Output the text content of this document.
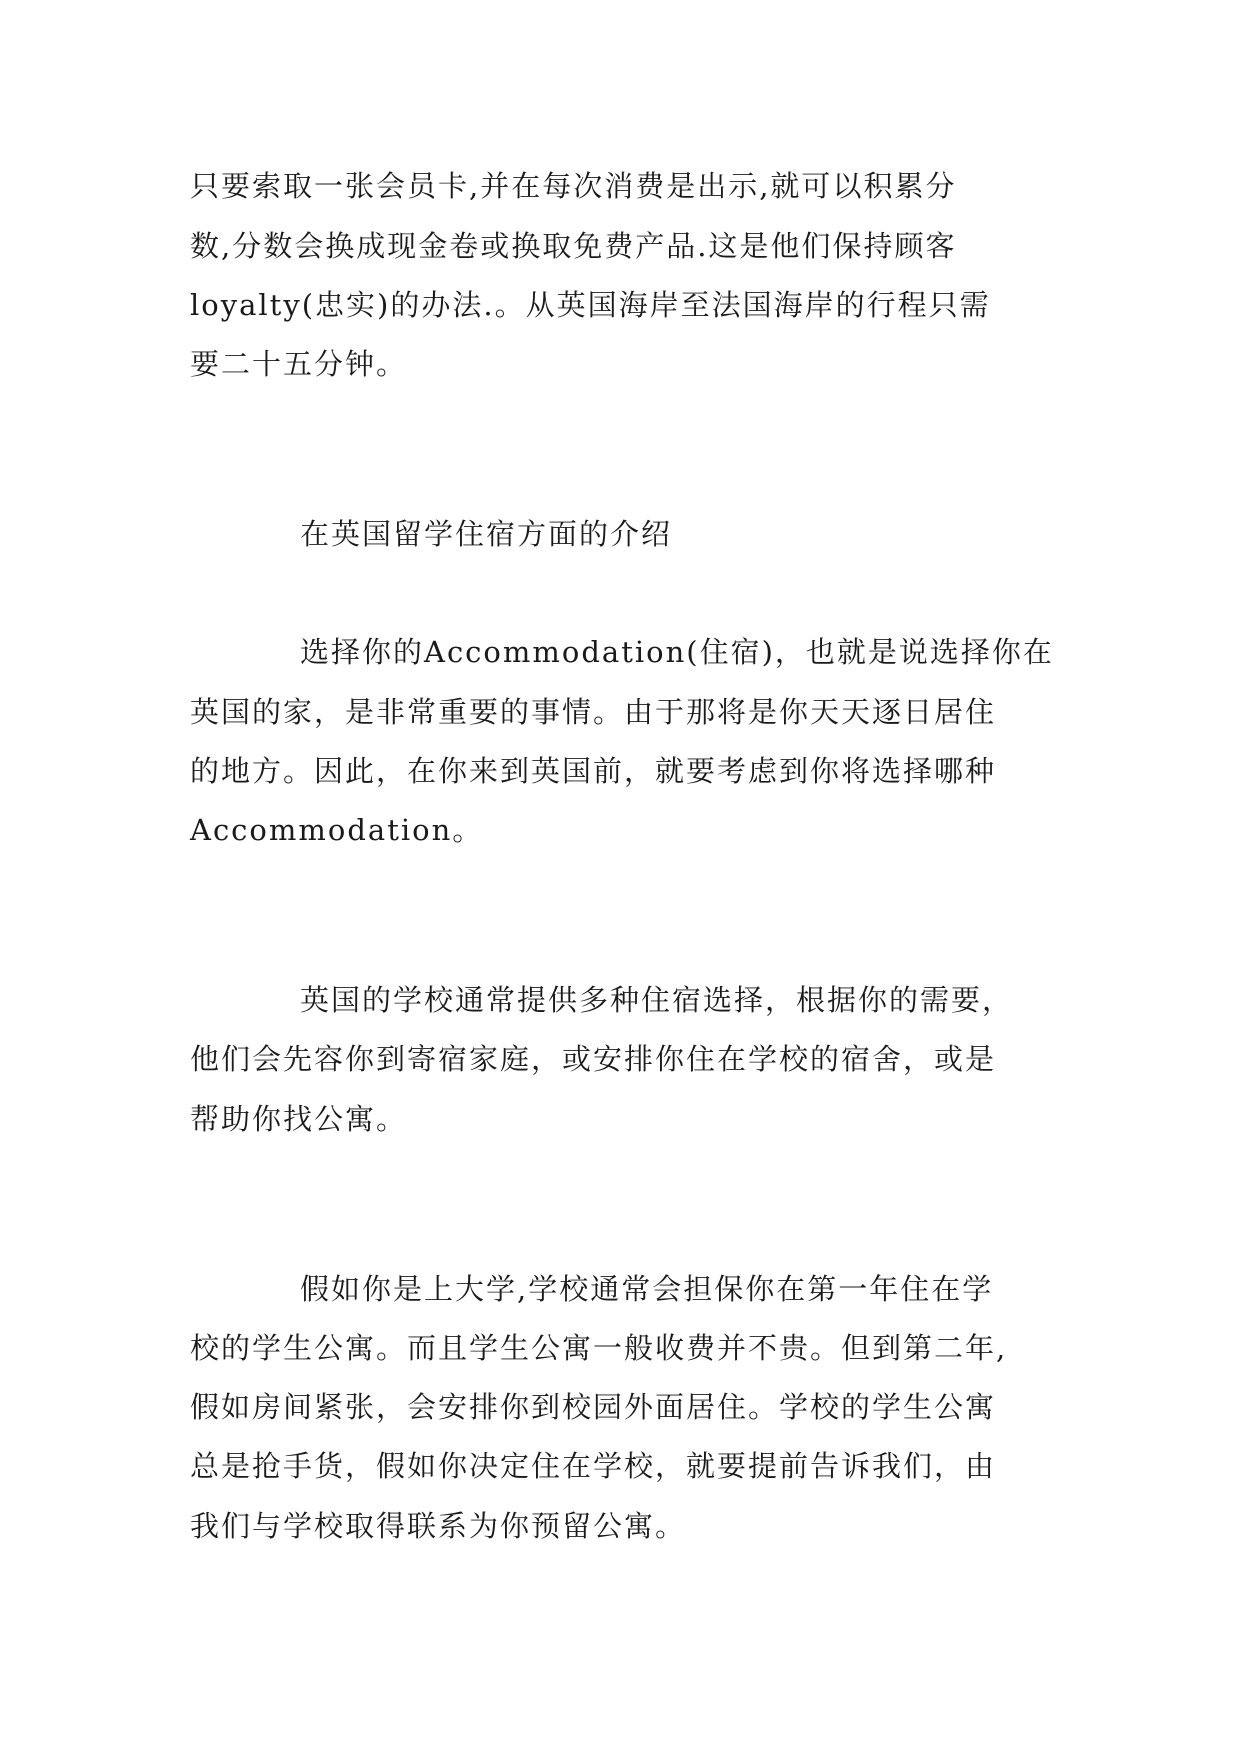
只要索取一张会员卡,并在每次消费是出示,就可以积累分
数,分数会换成现金卷或换取免费产品.这是他们保持顾客
loyalty(忠实)的办法.。从英国海岸至法国海岸的行程只需
要二十五分钟。
在英国留学住宿方面的介绍
选择你的Accommodation(住宿)，也就是说选择你在
英国的家，是非常重要的事情。由于那将是你天天逐日居住
的地方。因此，在你来到英国前，就要考虑到你将选择哪种
Accommodation。
英国的学校通常提供多种住宿选择，根据你的需要，
他们会先容你到寄宿家庭，或安排你住在学校的宿舍，或是
帮助你找公寓。
假如你是上大学,学校通常会担保你在第一年住在学
校的学生公寓。而且学生公寓一般收费并不贵。但到第二年,
假如房间紧张，会安排你到校园外面居住。学校的学生公寓
总是抢手货，假如你决定住在学校，就要提前告诉我们，由
我们与学校取得联系为你预留公寓。
